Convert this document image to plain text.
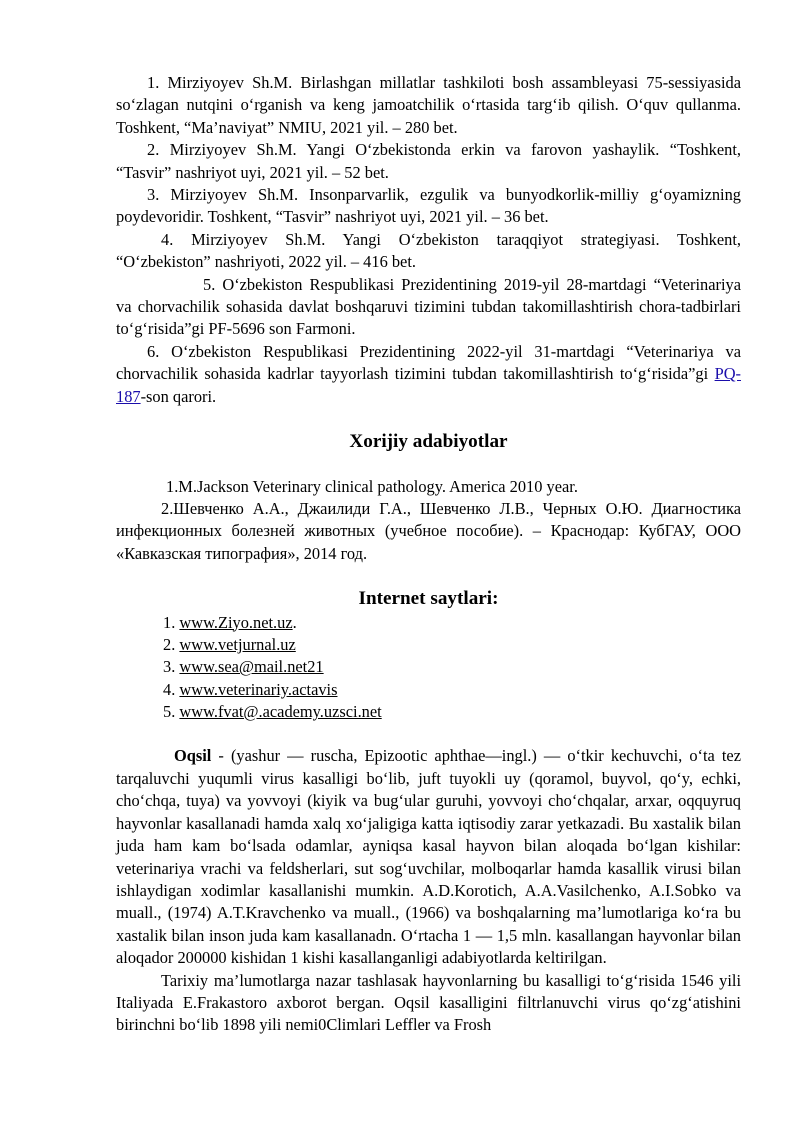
1. Mirziyoyev Sh.M. Birlashgan millatlar tashkiloti bosh assambleyasi 75-sessiyasida soʻzlagan nutqini oʻrganish va keng jamoatchilik oʻrtasida targʻib qilish. Oʻquv qullanma. Toshkent, “Ma’naviyat” NMIU, 2021 yil. – 280 bet.

2. Mirziyoyev Sh.M. Yangi Oʻzbekistonda erkin va farovon yashaylik. “Toshkent, “Tasvir” nashriyot uyi, 2021 yil. – 52 bet.

3. Mirziyoyev Sh.M. Insonparvarlik, ezgulik va bunyodkorlik-milliy gʻoyamizning poydevoridir. Toshkent, “Tasvir” nashriyot uyi, 2021 yil. – 36 bet.

4. Mirziyoyev Sh.M. Yangi Oʻzbekiston taraqqiyot strategiyasi. Toshkent, “Oʻzbekiston” nashriyoti, 2022 yil. – 416 bet.

5. Oʻzbekiston Respublikasi Prezidentining 2019-yil 28-martdagi “Veterinariya va chorvachilik sohasida davlat boshqaruvi tizimini tubdan takomillashtirish chora-tadbirlari toʻgʻrisida”gi PF-5696 son Farmoni.

6. Oʻzbekiston Respublikasi Prezidentining 2022-yil 31-martdagi “Veterinariya va chorvachilik sohasida kadrlar tayyorlash tizimini tubdan takomillashtirish toʻgʻrisida”gi PQ-187-son qarori.

Xorijiy adabiyotlar

1.M.Jackson Veterinary clinical pathology. America 2010 year.

2.Шевченко А.А., Джаилиди Г.А., Шевченко Л.В., Черных О.Ю. Диагностика инфекционных болезней животных (учебное пособие). – Краснодар: КубГАУ, ООО «Кавказская типография», 2014 год.

Internet saytlari:
1. www.Ziyo.net.uz.
2. www.vetjurnal.uz
3. www.sea@mail.net21
4. www.veterinariy.actavis
5. www.fvat@.academy.uzsci.net

Oqsil - (yashur — ruscha, Epizootic aphthae—ingl.) — oʻtkir kechuvchi, oʻta tez tarqaluvchi yuqumli virus kasalligi boʻlib, juft tuyokli uy (qoramol, buyvol, qoʻy, echki, choʻchqa, tuya) va yovvoyi (kiyik va bugʻular guruhi, yovvoyi choʻchqalar, arxar, oqquyruq hayvonlar kasallanadi hamda xalq xoʻjaligiga katta iqtisodiy zarar yetkazadi. Bu xastalik bilan juda ham kam boʻlsada odamlar, ayniqsa kasal hayvon bilan aloqada boʻlgan kishilar: veterinariya vrachi va feldsherlari, sut sogʻuvchilar, molboqarlar hamda kasallik virusi bilan ishlaydigan xodimlar kasallanishi mumkin. A.D.Korotich, A.A.Vasilchenko, A.I.Sobko va muall., (1974) A.T.Kravchenko va muall., (1966) va boshqalarning ma’lumotlariga koʻra bu xastalik bilan inson juda kam kasallanadn. Oʻrtacha 1 — 1,5 mln. kasallangan hayvonlar bilan aloqador 200000 kishidan 1 kishi kasallanganligi adabiyotlarda keltirilgan.

Tarixiy ma’lumotlarga nazar tashlasak hayvonlarning bu kasalligi toʻgʻrisida 1546 yili Italiyada E.Frakastoro axborot bergan. Oqsil kasalligini filtrlanuvchi virus qoʻzgʻatishini birinchni boʻlib 1898 yili nemi0Climlari Leffler va Frosh
